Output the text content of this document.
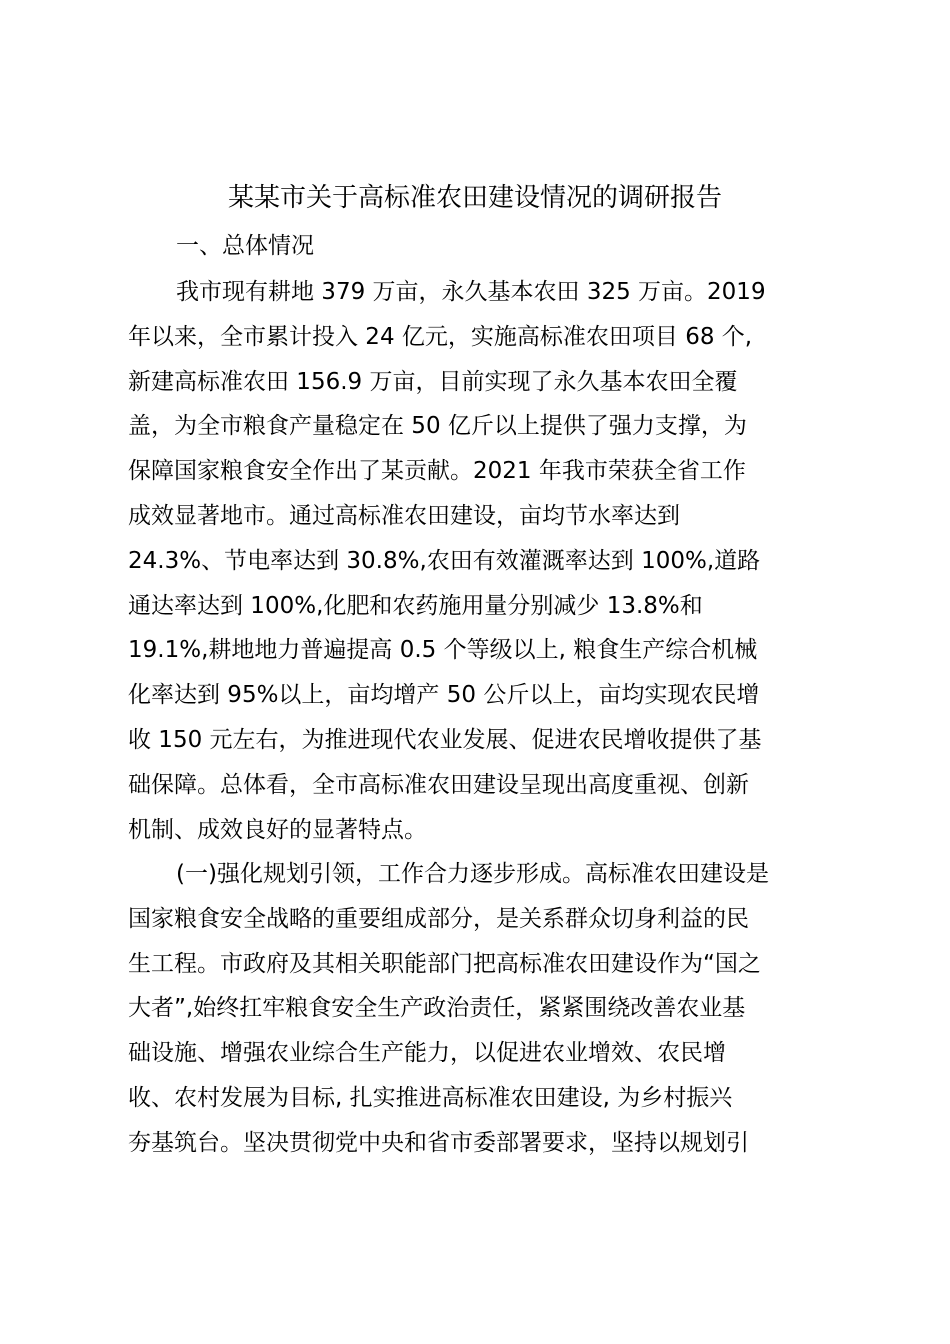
某某市关于高标准农田建设情况的调研报告
一、总体情况

我市现有耕地 379 万亩，永久基本农田 325 万亩。2019
年以来，全市累计投入 24 亿元，实施高标准农田项目 68 个,
新建高标准农田 156.9 万亩，目前实现了永久基本农田全覆
盖，为全市粮食产量稳定在 50 亿斤以上提供了强力支撑，为
保障国家粮食安全作出了某贡献。2021 年我市荣获全省工作
成效显著地市。通过高标准农田建设，亩均节水率达到
24.3%、节电率达到 30.8%,农田有效灌溉率达到 100%,道路
通达率达到 100%,化肥和农药施用量分别减少 13.8%和
19.1%,耕地地力普遍提高 0.5 个等级以上, 粮食生产综合机械
化率达到 95%以上，亩均增产 50 公斤以上，亩均实现农民增
收 150 元左右，为推进现代农业发展、促进农民增收提供了基
础保障。总体看，全市高标准农田建设呈现出高度重视、创新
机制、成效良好的显著特点。

(一)强化规划引领，工作合力逐步形成。高标准农田建设是
国家粮食安全战略的重要组成部分，是关系群众切身利益的民
生工程。市政府及其相关职能部门把高标准农田建设作为“国之
大者”,始终扛牢粮食安全生产政治责任，紧紧围绕改善农业基
础设施、增强农业综合生产能力，以促进农业增效、农民增
收、农村发展为目标, 扎实推进高标准农田建设, 为乡村振兴
夯基筑台。坚决贯彻党中央和省市委部署要求，坚持以规划引
